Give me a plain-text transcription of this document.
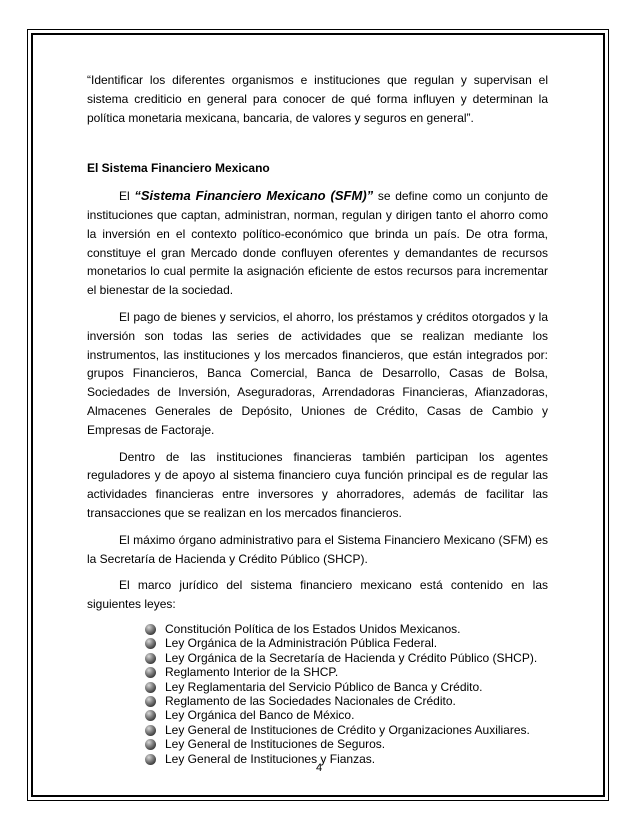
“Identificar los diferentes organismos e instituciones que regulan y supervisan el sistema crediticio en general para conocer de qué forma influyen y determinan la política monetaria mexicana, bancaria, de valores y seguros en general”.

El Sistema Financiero Mexicano

El “Sistema Financiero Mexicano (SFM)” se define como un conjunto de instituciones que captan, administran, norman, regulan y dirigen tanto el ahorro como la inversión en el contexto político-económico que brinda un país. De otra forma, constituye el gran Mercado donde confluyen oferentes y demandantes de recursos monetarios lo cual permite la asignación eficiente de estos recursos para incrementar el bienestar de la sociedad.

El pago de bienes y servicios, el ahorro, los préstamos y créditos otorgados y la inversión son todas las series de actividades que se realizan mediante los instrumentos, las instituciones y los mercados financieros, que están integrados por: grupos Financieros, Banca Comercial, Banca de Desarrollo, Casas de Bolsa, Sociedades de Inversión, Aseguradoras, Arrendadoras Financieras, Afianzadoras, Almacenes Generales de Depósito, Uniones de Crédito, Casas de Cambio y Empresas de Factoraje.

Dentro de las instituciones financieras también participan los agentes reguladores y de apoyo al sistema financiero cuya función principal es de regular las actividades financieras entre inversores y ahorradores, además de facilitar las transacciones que se realizan en los mercados financieros.

El máximo órgano administrativo para el Sistema Financiero Mexicano (SFM) es la Secretaría de Hacienda y Crédito Público (SHCP).

El marco jurídico del sistema financiero mexicano está contenido en las siguientes leyes:

Constitución Política de los Estados Unidos Mexicanos.
Ley Orgánica de la Administración Pública Federal.
Ley Orgánica de la Secretaría de Hacienda y Crédito Público (SHCP).
Reglamento Interior de la SHCP.
Ley Reglamentaria del Servicio Público de Banca y Crédito.
Reglamento de las Sociedades Nacionales de Crédito.
Ley Orgánica del Banco de México.
Ley General de Instituciones de Crédito y Organizaciones Auxiliares.
Ley General de Instituciones de Seguros.
Ley General de Instituciones y Fianzas.
4
